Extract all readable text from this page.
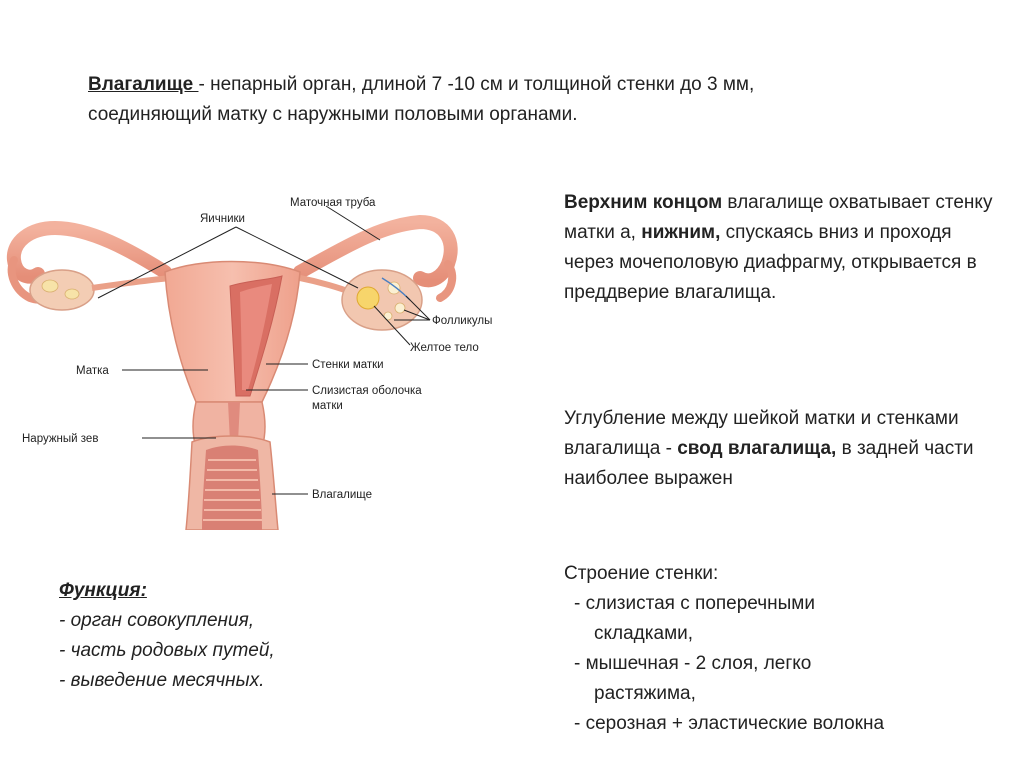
Влагалище - непарный орган, длиной 7 -10 см и толщиной стенки до 3 мм,
соединяющий матку с наружными половыми органами.
Маточная труба
Яичники
Фолликулы
Желтое тело
Матка	Стенки матки
Слизистая оболочка
матки
Наружный зев
Влагалище
Верхним концом влагалище охватывает стенку матки а, нижним, спускаясь вниз и проходя через мочеполовую диафрагму, открывается в преддверие влагалища.
Углубление между шейкой матки и стенками влагалища - свод влагалища, в задней части наиболее выражен
Строение стенки:
- слизистая с поперечными
складками,
- мышечная - 2 слоя, легко
растяжима,
- серозная + эластические волокна
Функция:
- орган совокупления,
- часть родовых путей,
- выведение месячных.
